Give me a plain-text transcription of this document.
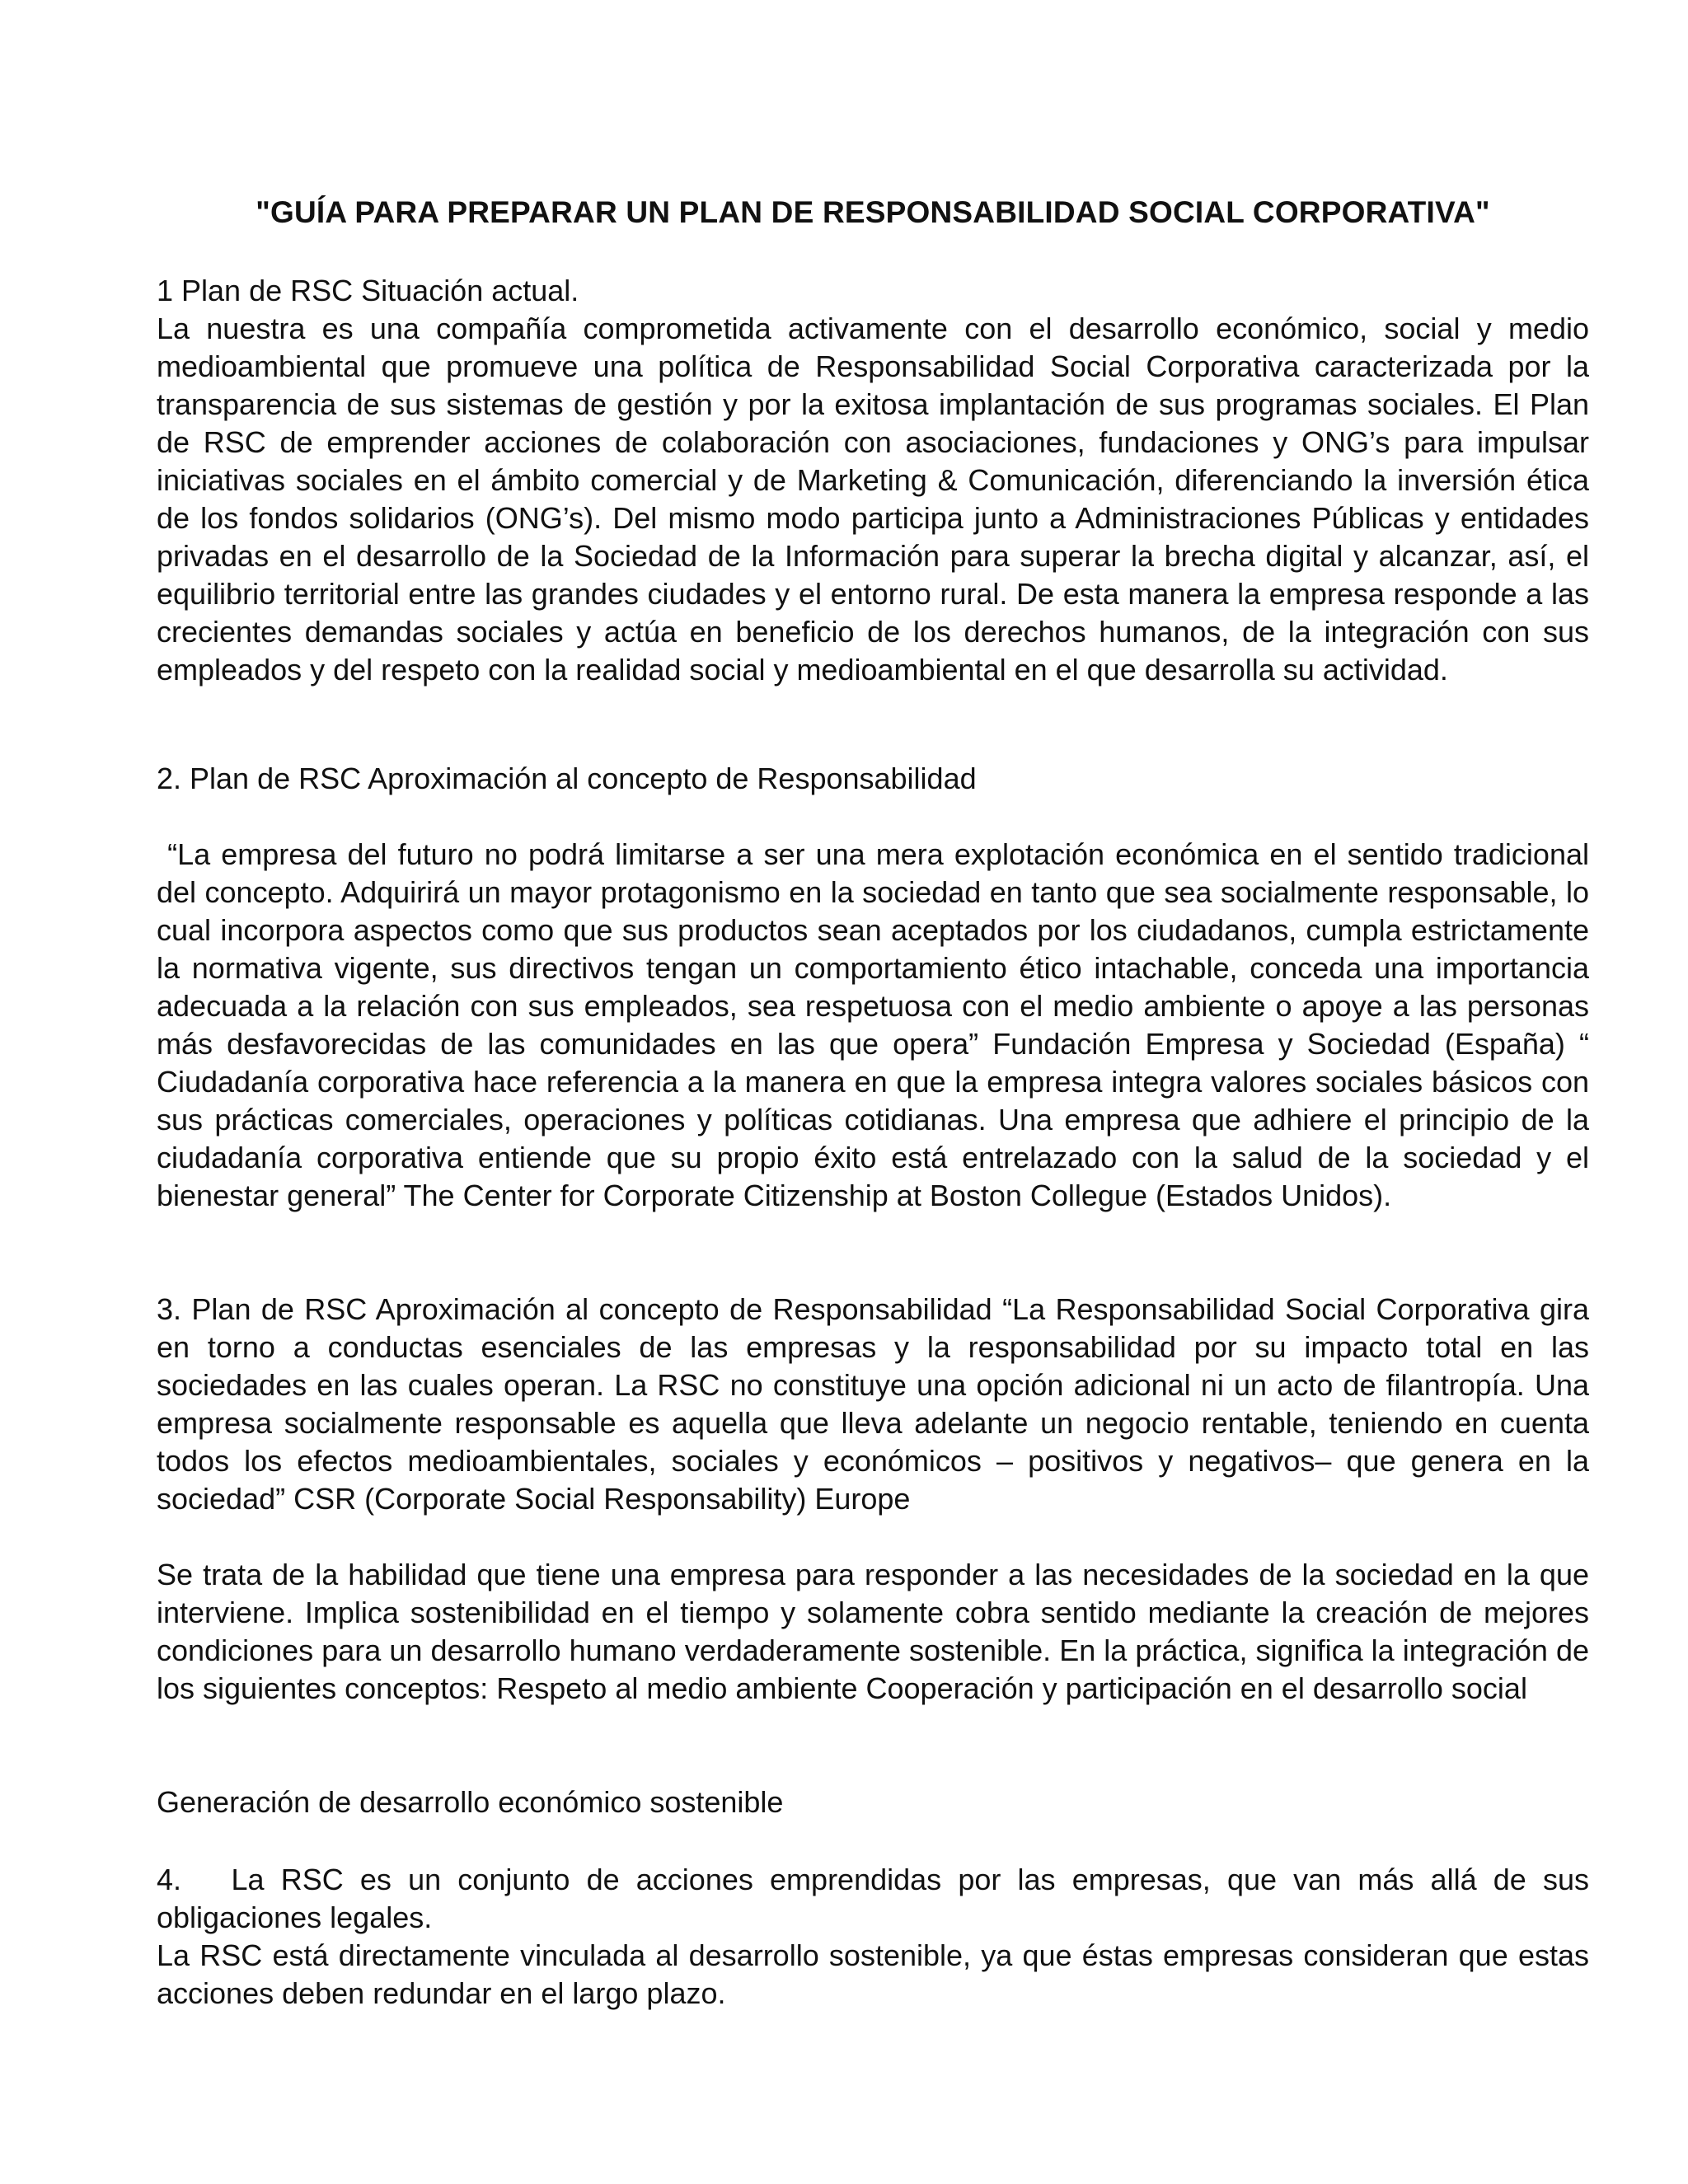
"GUÍA PARA PREPARAR UN PLAN DE RESPONSABILIDAD SOCIAL CORPORATIVA"

1 Plan de RSC Situación actual.

La nuestra es una compañía comprometida activamente con el desarrollo económico, social y medio medioambiental que promueve una política de Responsabilidad Social Corporativa caracterizada por la transparencia de sus sistemas de gestión y por la exitosa implantación de sus programas sociales. El Plan de RSC de emprender acciones de colaboración con asociaciones, fundaciones y ONG’s para impulsar iniciativas sociales en el ámbito comercial y de Marketing & Comunicación, diferenciando la inversión ética de los fondos solidarios (ONG’s). Del mismo modo participa junto a Administraciones Públicas y entidades privadas en el desarrollo de la Sociedad de la Información para superar la brecha digital y alcanzar, así, el equilibrio territorial entre las grandes ciudades y el entorno rural. De esta manera la empresa responde a las crecientes demandas sociales y actúa en beneficio de los derechos humanos, de la integración con sus empleados y del respeto con la realidad social y medioambiental en el que desarrolla su actividad.

2. Plan de RSC Aproximación al concepto de Responsabilidad

“La empresa del futuro no podrá limitarse a ser una mera explotación económica en el sentido tradicional del concepto. Adquirirá un mayor protagonismo en la sociedad en tanto que sea socialmente responsable, lo cual incorpora aspectos como que sus productos sean aceptados por los ciudadanos, cumpla estrictamente la normativa vigente, sus directivos tengan un comportamiento ético intachable, conceda una importancia adecuada a la relación con sus empleados, sea respetuosa con el medio ambiente o apoye a las personas más desfavorecidas de las comunidades en las que opera” Fundación Empresa y Sociedad (España) “ Ciudadanía corporativa hace referencia a la manera en que la empresa integra valores sociales básicos con sus prácticas comerciales, operaciones y políticas cotidianas. Una empresa que adhiere el principio de la ciudadanía corporativa entiende que su propio éxito está entrelazado con la salud de la sociedad y el bienestar general” The Center for Corporate Citizenship at Boston Collegue (Estados Unidos).

3. Plan de RSC Aproximación al concepto de Responsabilidad “La Responsabilidad Social Corporativa gira en torno a conductas esenciales de las empresas y la responsabilidad por su impacto total en las sociedades en las cuales operan. La RSC no constituye una opción adicional ni un acto de filantropía. Una empresa socialmente responsable es aquella que lleva adelante un negocio rentable, teniendo en cuenta todos los efectos medioambientales, sociales y económicos – positivos y negativos– que genera en la sociedad” CSR (Corporate Social Responsability) Europe

Se trata de la habilidad que tiene una empresa para responder a las necesidades de la sociedad en la que interviene. Implica sostenibilidad en el tiempo y solamente cobra sentido mediante la creación de mejores condiciones para un desarrollo humano verdaderamente sostenible. En la práctica, significa la integración de los siguientes conceptos: Respeto al medio ambiente Cooperación y participación en el desarrollo social

Generación de desarrollo económico sostenible

4.   La RSC es un conjunto de acciones emprendidas por las empresas, que van más allá de sus obligaciones legales.

La RSC está directamente vinculada al desarrollo sostenible, ya que éstas empresas consideran que estas acciones deben redundar en el largo plazo.
